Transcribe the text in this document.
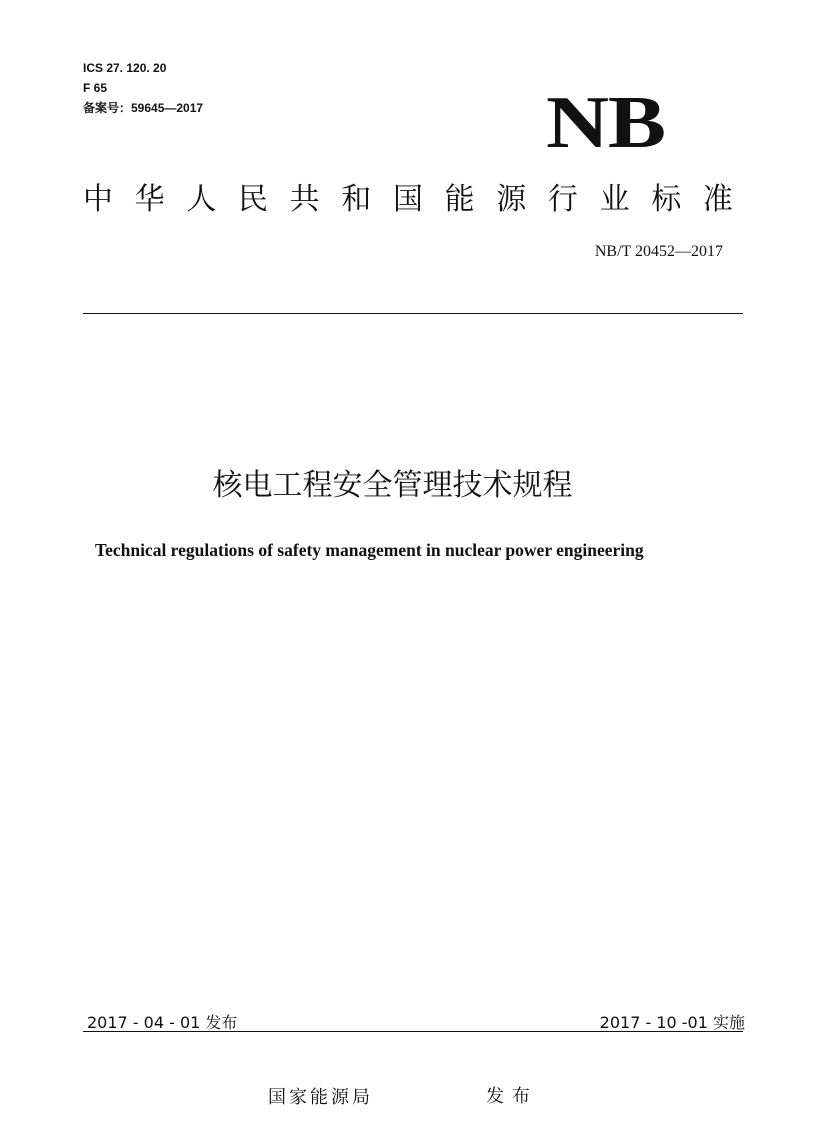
ICS 27. 120. 20
F 65
备案号：59645—2017	NB
中 华 人 民 共 和 国 能 源 行 业 标 准
NB/T 20452—2017
核电工程安全管理技术规程
Technical regulations of safety management in nuclear power engineering
2017 - 04 - 01 发布	2017 - 10 -01 实施
国家能源局	发布
